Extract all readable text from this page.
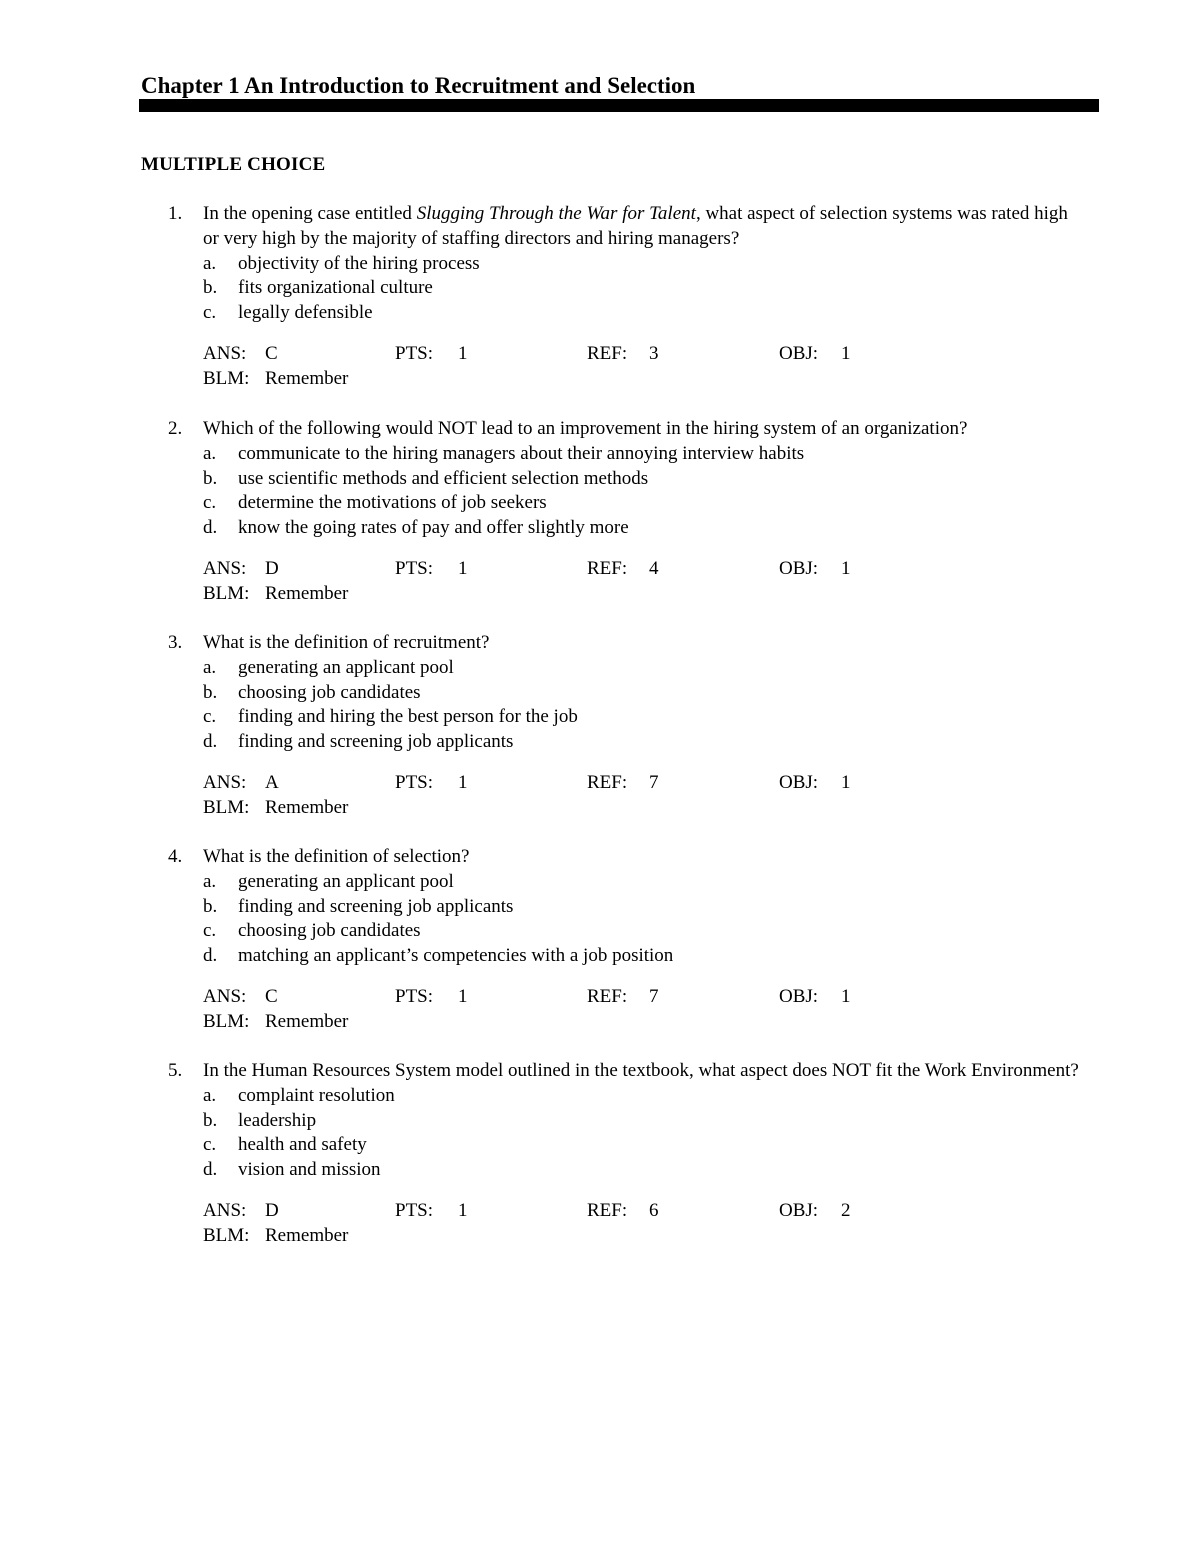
Chapter 1 An Introduction to Recruitment and Selection
MULTIPLE CHOICE
1. In the opening case entitled Slugging Through the War for Talent, what aspect of selection systems was rated high or very high by the majority of staffing directors and hiring managers?
a. objectivity of the hiring process
b. fits organizational culture
c. legally defensible
ANS: C	PTS: 1	REF: 3	OBJ: 1
BLM: Remember
2. Which of the following would NOT lead to an improvement in the hiring system of an organization?
a. communicate to the hiring managers about their annoying interview habits
b. use scientific methods and efficient selection methods
c. determine the motivations of job seekers
d. know the going rates of pay and offer slightly more
ANS: D	PTS: 1	REF: 4	OBJ: 1
BLM: Remember
3. What is the definition of recruitment?
a. generating an applicant pool
b. choosing job candidates
c. finding and hiring the best person for the job
d. finding and screening job applicants
ANS: A	PTS: 1	REF: 7	OBJ: 1
BLM: Remember
4. What is the definition of selection?
a. generating an applicant pool
b. finding and screening job applicants
c. choosing job candidates
d. matching an applicant’s competencies with a job position
ANS: C	PTS: 1	REF: 7	OBJ: 1
BLM: Remember
5. In the Human Resources System model outlined in the textbook, what aspect does NOT fit the Work Environment?
a. complaint resolution
b. leadership
c. health and safety
d. vision and mission
ANS: D	PTS: 1	REF: 6	OBJ: 2
BLM: Remember
